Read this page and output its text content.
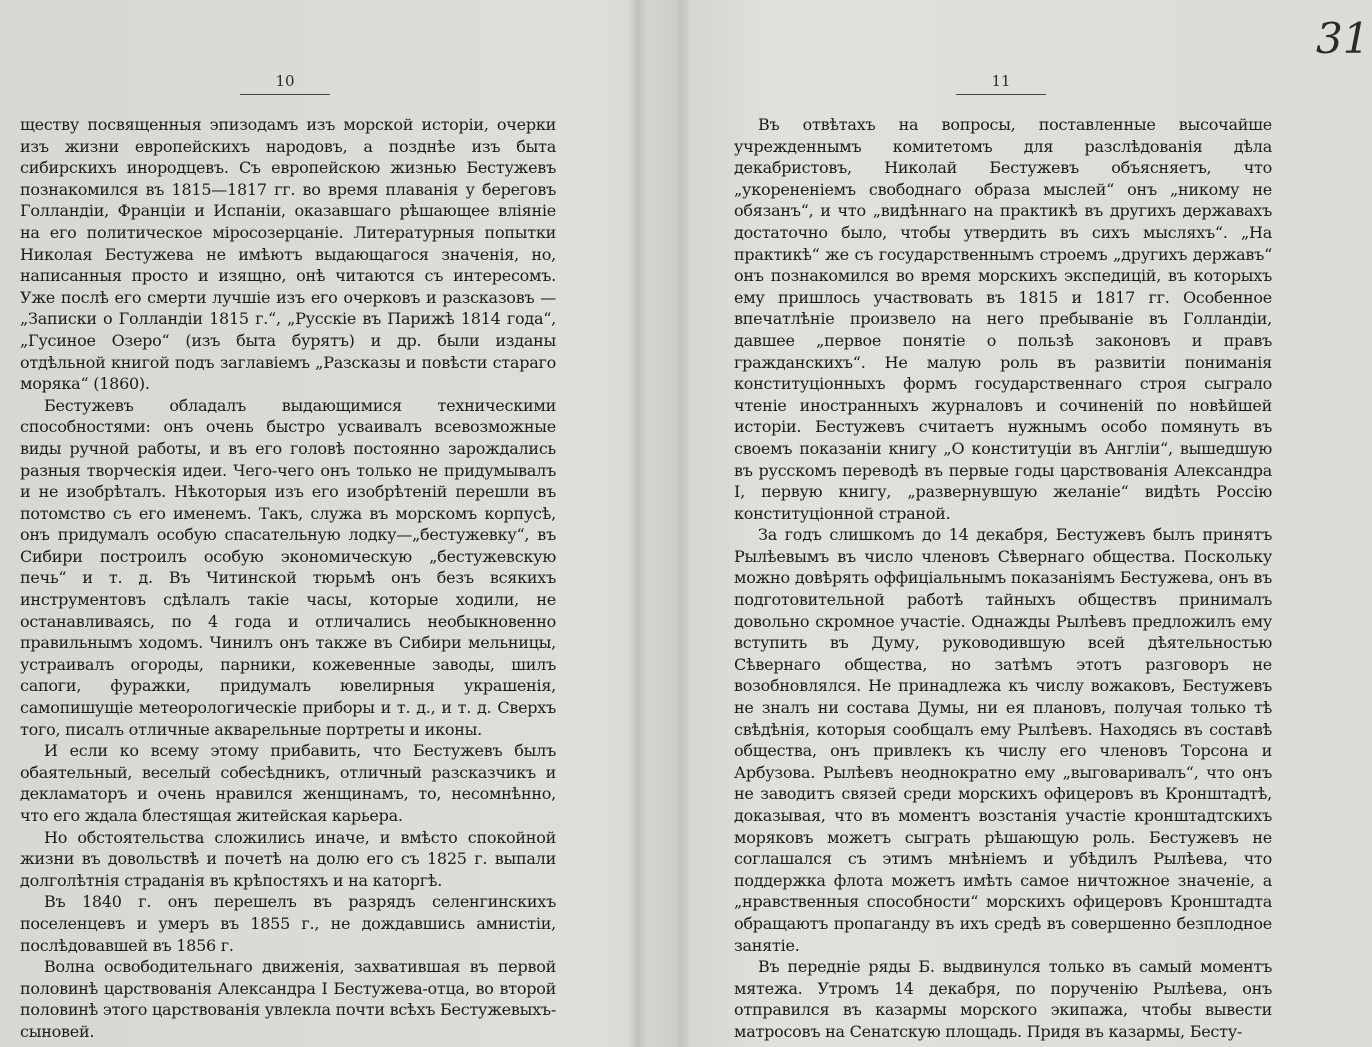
10

ществу посвященныя эпизодамъ изъ морской исторіи, очерки изъ жизни европейскихъ народовъ, а позднѣе изъ быта сибирскихъ инородцевъ. Съ европейскою жизнью Бестужевъ познакомился въ 1815—1817 гг. во время плаванія у береговъ Голландіи, Франціи и Испаніи, оказавшаго рѣшающее вліяніе на его политическое міросозерцаніе. Литературныя попытки Николая Бестужева не имѣютъ выдающагося значенія, но, написанныя просто и изящно, онѣ читаются съ интересомъ. Уже послѣ его смерти лучшіе изъ его очерковъ и разсказовъ — „Записки о Голландіи 1815 г.“, „Русскіе въ Парижѣ 1814 года“, „Гусиное Озеро“ (изъ быта бурятъ) и др. были изданы отдѣльной книгой подъ заглавіемъ „Разсказы и повѣсти стараго моряка“ (1860).

Бестужевъ обладалъ выдающимися техническими способностями: онъ очень быстро усваивалъ всевозможные виды ручной работы, и въ его головѣ постоянно зарождались разныя творческія идеи. Чего-чего онъ только не придумывалъ и не изобрѣталъ. Нѣкоторыя изъ его изобрѣтеній перешли въ потомство съ его именемъ. Такъ, служа въ морскомъ корпусѣ, онъ придумалъ особую спасательную лодку—„бестужевку“, въ Сибири построилъ особую экономическую „бестужевскую печь“ и т. д. Въ Читинской тюрьмѣ онъ безъ всякихъ инструментовъ сдѣлалъ такіе часы, которые ходили, не останавливаясь, по 4 года и отличались необыкновенно правильнымъ ходомъ. Чинилъ онъ также въ Сибири мельницы, устраивалъ огороды, парники, кожевенные заводы, шилъ сапоги, фуражки, придумалъ ювелирныя украшенія, самопишущіе метеорологическіе приборы и т. д., и т. д. Сверхъ того, писалъ отличные акварельные портреты и иконы.

И если ко всему этому прибавить, что Бестужевъ былъ обаятельный, веселый собесѣдникъ, отличный разсказчикъ и декламаторъ и очень нравился женщинамъ, то, несомнѣнно, что его ждала блестящая житейская карьера.

Но обстоятельства сложились иначе, и вмѣсто спокойной жизни въ довольствѣ и почетѣ на долю его съ 1825 г. выпали долголѣтнія страданія въ крѣпостяхъ и на каторгѣ.

Въ 1840 г. онъ перешелъ въ разрядъ селенгинскихъ поселенцевъ и умеръ въ 1855 г., не дождавшись амнистіи, послѣдовавшей въ 1856 г.

Волна освободительнаго движенія, захватившая въ первой половинѣ царствованія Александра I Бестужева-отца, во второй половинѣ этого царствованія увлекла почти всѣхъ Бестужевыхъ-сыновей.

11

Въ отвѣтахъ на вопросы, поставленные высочайше учрежденнымъ комитетомъ для разслѣдованія дѣла декабристовъ, Николай Бестужевъ объясняетъ, что „укорененіемъ свободнаго образа мыслей“ онъ „никому не обязанъ“, и что „видѣннаго на практикѣ въ другихъ державахъ достаточно было, чтобы утвердить въ сихъ мысляхъ“. „На практикѣ“ же съ государственнымъ строемъ „другихъ державъ“ онъ познакомился во время морскихъ экспедицій, въ которыхъ ему пришлось участвовать въ 1815 и 1817 гг. Особенное впечатлѣніе произвело на него пребываніе въ Голландіи, давшее „первое понятіе о пользѣ законовъ и правъ гражданскихъ“. Не малую роль въ развитіи пониманія конституціонныхъ формъ государственнаго строя сыграло чтеніе иностранныхъ журналовъ и сочиненій по новѣйшей исторіи. Бестужевъ считаетъ нужнымъ особо помянуть въ своемъ показаніи книгу „О конституціи въ Англіи“, вышедшую въ русскомъ переводѣ въ первые годы царствованія Александра I, первую книгу, „развернувшую желаніе“ видѣть Россію конституціонной страной.

За годъ слишкомъ до 14 декабря, Бестужевъ былъ принятъ Рылѣевымъ въ число членовъ Сѣвернаго общества. Поскольку можно довѣрять оффиціальнымъ показаніямъ Бестужева, онъ въ подготовительной работѣ тайныхъ обществъ принималъ довольно скромное участіе. Однажды Рылѣевъ предложилъ ему вступить въ Думу, руководившую всей дѣятельностью Сѣвернаго общества, но затѣмъ этотъ разговоръ не возобновлялся. Не принадлежа къ числу вожаковъ, Бестужевъ не зналъ ни состава Думы, ни ея плановъ, получая только тѣ свѣдѣнія, которыя сообщалъ ему Рылѣевъ. Находясь въ составѣ общества, онъ привлекъ къ числу его членовъ Торсона и Арбузова. Рылѣевъ неоднократно ему „выговаривалъ“, что онъ не заводитъ связей среди морскихъ офицеровъ въ Кронштадтѣ, доказывая, что въ моментъ возстанія участіе кронштадтскихъ моряковъ можетъ сыграть рѣшающую роль. Бестужевъ не соглашался съ этимъ мнѣніемъ и убѣдилъ Рылѣева, что поддержка флота можетъ имѣть самое ничтожное значеніе, а „нравственныя способности“ морскихъ офицеровъ Кронштадта обращаютъ пропаганду въ ихъ средѣ въ совершенно безплодное занятіе.

Въ передніе ряды Б. выдвинулся только въ самый моментъ мятежа. Утромъ 14 декабря, по порученію Рылѣева, онъ отправился въ казармы морского экипажа, чтобы вывести матросовъ на Сенатскую площадь. Придя въ казармы, Бесту-

31
